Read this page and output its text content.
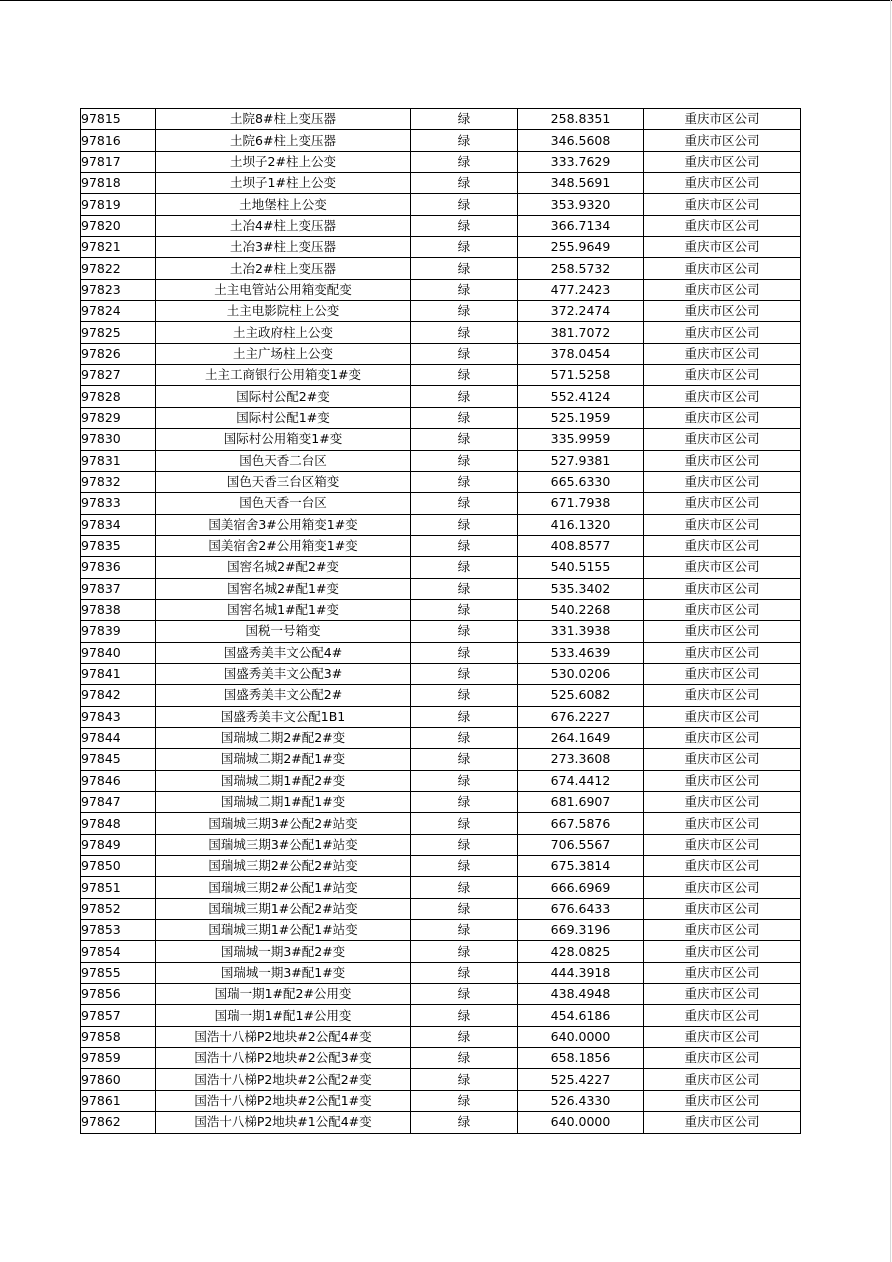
97815	土院8#柱上变压器	绿	258.8351	重庆市区公司
97816	土院6#柱上变压器	绿	346.5608	重庆市区公司
97817	土坝子2#柱上公变	绿	333.7629	重庆市区公司
97818	土坝子1#柱上公变	绿	348.5691	重庆市区公司
97819	土地堡柱上公变	绿	353.9320	重庆市区公司
97820	土冶4#柱上变压器	绿	366.7134	重庆市区公司
97821	土冶3#柱上变压器	绿	255.9649	重庆市区公司
97822	土冶2#柱上变压器	绿	258.5732	重庆市区公司
97823	土主电管站公用箱变配变	绿	477.2423	重庆市区公司
97824	土主电影院柱上公变	绿	372.2474	重庆市区公司
97825	土主政府柱上公变	绿	381.7072	重庆市区公司
97826	土主广场柱上公变	绿	378.0454	重庆市区公司
97827	土主工商银行公用箱变1#变	绿	571.5258	重庆市区公司
97828	国际村公配2#变	绿	552.4124	重庆市区公司
97829	国际村公配1#变	绿	525.1959	重庆市区公司
97830	国际村公用箱变1#变	绿	335.9959	重庆市区公司
97831	国色天香二台区	绿	527.9381	重庆市区公司
97832	国色天香三台区箱变	绿	665.6330	重庆市区公司
97833	国色天香一台区	绿	671.7938	重庆市区公司
97834	国美宿舍3#公用箱变1#变	绿	416.1320	重庆市区公司
97835	国美宿舍2#公用箱变1#变	绿	408.8577	重庆市区公司
97836	国窖名城2#配2#变	绿	540.5155	重庆市区公司
97837	国窖名城2#配1#变	绿	535.3402	重庆市区公司
97838	国窖名城1#配1#变	绿	540.2268	重庆市区公司
97839	国税一号箱变	绿	331.3938	重庆市区公司
97840	国盛秀美丰文公配4#	绿	533.4639	重庆市区公司
97841	国盛秀美丰文公配3#	绿	530.0206	重庆市区公司
97842	国盛秀美丰文公配2#	绿	525.6082	重庆市区公司
97843	国盛秀美丰文公配1B1	绿	676.2227	重庆市区公司
97844	国瑞城二期2#配2#变	绿	264.1649	重庆市区公司
97845	国瑞城二期2#配1#变	绿	273.3608	重庆市区公司
97846	国瑞城二期1#配2#变	绿	674.4412	重庆市区公司
97847	国瑞城二期1#配1#变	绿	681.6907	重庆市区公司
97848	国瑞城三期3#公配2#站变	绿	667.5876	重庆市区公司
97849	国瑞城三期3#公配1#站变	绿	706.5567	重庆市区公司
97850	国瑞城三期2#公配2#站变	绿	675.3814	重庆市区公司
97851	国瑞城三期2#公配1#站变	绿	666.6969	重庆市区公司
97852	国瑞城三期1#公配2#站变	绿	676.6433	重庆市区公司
97853	国瑞城三期1#公配1#站变	绿	669.3196	重庆市区公司
97854	国瑞城一期3#配2#变	绿	428.0825	重庆市区公司
97855	国瑞城一期3#配1#变	绿	444.3918	重庆市区公司
97856	国瑞一期1#配2#公用变	绿	438.4948	重庆市区公司
97857	国瑞一期1#配1#公用变	绿	454.6186	重庆市区公司
97858	国浩十八梯P2地块#2公配4#变	绿	640.0000	重庆市区公司
97859	国浩十八梯P2地块#2公配3#变	绿	658.1856	重庆市区公司
97860	国浩十八梯P2地块#2公配2#变	绿	525.4227	重庆市区公司
97861	国浩十八梯P2地块#2公配1#变	绿	526.4330	重庆市区公司
97862	国浩十八梯P2地块#1公配4#变	绿	640.0000	重庆市区公司
